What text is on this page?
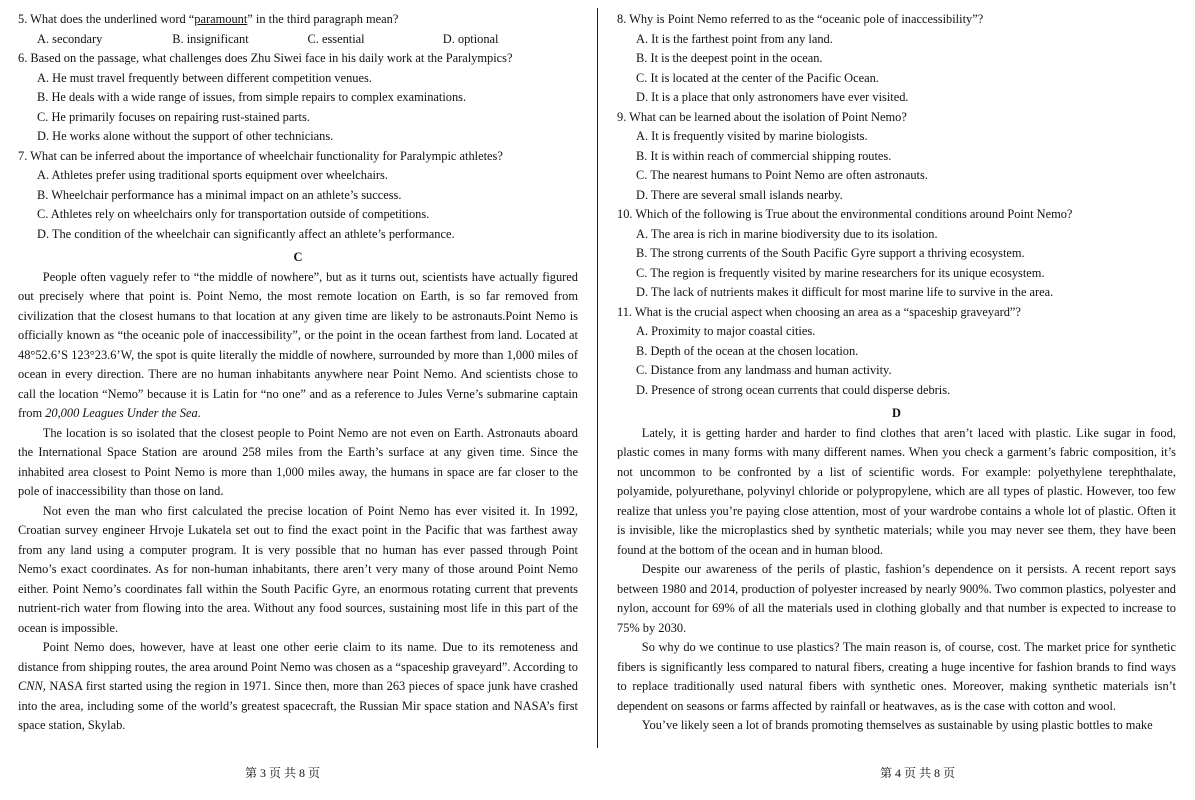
5. What does the underlined word “paramount” in the third paragraph mean?
A. secondary	B. insignificant	C. essential	D. optional
6. Based on the passage, what challenges does Zhu Siwei face in his daily work at the Paralympics?
A. He must travel frequently between different competition venues.
B. He deals with a wide range of issues, from simple repairs to complex examinations.
C. He primarily focuses on repairing rust-stained parts.
D. He works alone without the support of other technicians.
7. What can be inferred about the importance of wheelchair functionality for Paralympic athletes?
A. Athletes prefer using traditional sports equipment over wheelchairs.
B. Wheelchair performance has a minimal impact on an athlete’s success.
C. Athletes rely on wheelchairs only for transportation outside of competitions.
D. The condition of the wheelchair can significantly affect an athlete’s performance.
C

People often vaguely refer to “the middle of nowhere”, but as it turns out, scientists have actually figured out precisely where that point is. Point Nemo, the most remote location on Earth, is so far removed from civilization that the closest humans to that location at any given time are likely to be astronauts.Point Nemo is officially known as “the oceanic pole of inaccessibility”, or the point in the ocean farthest from land. Located at 48°52.6’S 123°23.6’W, the spot is quite literally the middle of nowhere, surrounded by more than 1,000 miles of ocean in every direction. There are no human inhabitants anywhere near Point Nemo. And scientists chose to call the location “Nemo” because it is Latin for “no one” and as a reference to Jules Verne’s submarine captain from 20,000 Leagues Under the Sea.

The location is so isolated that the closest people to Point Nemo are not even on Earth. Astronauts aboard the International Space Station are around 258 miles from the Earth’s surface at any given time. Since the inhabited area closest to Point Nemo is more than 1,000 miles away, the humans in space are far closer to the pole of inaccessibility than those on land.

Not even the man who first calculated the precise location of Point Nemo has ever visited it. In 1992, Croatian survey engineer Hrvoje Lukatela set out to find the exact point in the Pacific that was farthest away from any land using a computer program. It is very possible that no human has ever passed through Point Nemo’s exact coordinates. As for non-human inhabitants, there aren’t very many of those around Point Nemo either. Point Nemo’s coordinates fall within the South Pacific Gyre, an enormous rotating current that prevents nutrient-rich water from flowing into the area. Without any food sources, sustaining most life in this part of the ocean is impossible.

Point Nemo does, however, have at least one other eerie claim to its name. Due to its remoteness and distance from shipping routes, the area around Point Nemo was chosen as a “spaceship graveyard”. According to CNN, NASA first started using the region in 1971. Since then, more than 263 pieces of space junk have crashed into the area, including some of the world’s greatest spacecraft, the Russian Mir space station and NASA’s first space station, Skylab.

8. Why is Point Nemo referred to as the “oceanic pole of inaccessibility”?
A. It is the farthest point from any land.
B. It is the deepest point in the ocean.
C. It is located at the center of the Pacific Ocean.
D. It is a place that only astronomers have ever visited.
9. What can be learned about the isolation of Point Nemo?
A. It is frequently visited by marine biologists.
B. It is within reach of commercial shipping routes.
C. The nearest humans to Point Nemo are often astronauts.
D. There are several small islands nearby.
10. Which of the following is True about the environmental conditions around Point Nemo?
A. The area is rich in marine biodiversity due to its isolation.
B. The strong currents of the South Pacific Gyre support a thriving ecosystem.
C. The region is frequently visited by marine researchers for its unique ecosystem.
D. The lack of nutrients makes it difficult for most marine life to survive in the area.
11. What is the crucial aspect when choosing an area as a “spaceship graveyard”?
A. Proximity to major coastal cities.
B. Depth of the ocean at the chosen location.
C. Distance from any landmass and human activity.
D. Presence of strong ocean currents that could disperse debris.
D

Lately, it is getting harder and harder to find clothes that aren’t laced with plastic. Like sugar in food, plastic comes in many forms with many different names. When you check a garment’s fabric composition, it’s not uncommon to be confronted by a list of scientific words. For example: polyethylene terephthalate, polyamide, polyurethane, polyvinyl chloride or polypropylene, which are all types of plastic. However, too few realize that unless you’re paying close attention, most of your wardrobe contains a whole lot of plastic. Often it is invisible, like the microplastics shed by synthetic materials; while you may never see them, they have been found at the bottom of the ocean and in human blood.

Despite our awareness of the perils of plastic, fashion’s dependence on it persists. A recent report says between 1980 and 2014, production of polyester increased by nearly 900%. Two common plastics, polyester and nylon, account for 69% of all the materials used in clothing globally and that number is expected to increase to 75% by 2030.

So why do we continue to use plastics? The main reason is, of course, cost. The market price for synthetic fibers is significantly less compared to natural fibers, creating a huge incentive for fashion brands to find ways to replace traditionally used natural fibers with synthetic ones. Moreover, making synthetic materials isn’t dependent on seasons or farms affected by rainfall or heatwaves, as is the case with cotton and wool.

You’ve likely seen a lot of brands promoting themselves as sustainable by using plastic bottles to make

第 3 页 共 8 页	第 4 页 共 8 页
